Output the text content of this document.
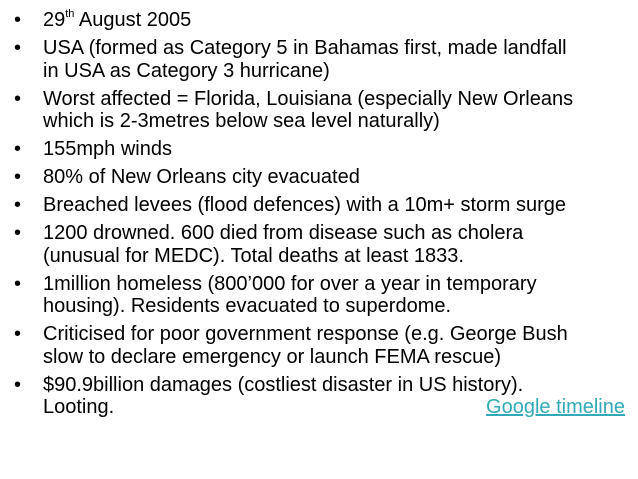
•	29th August 2005
•	USA (formed as Category 5 in Bahamas first, made landfall
in USA as Category 3 hurricane)
•	Worst affected = Florida, Louisiana (especially New Orleans
which is 2-3metres below sea level naturally)
•	155mph winds
•	80% of New Orleans city evacuated
•	Breached levees (flood defences) with a 10m+ storm surge
•	1200 drowned. 600 died from disease such as cholera
(unusual for MEDC). Total deaths at least 1833.
•	1million homeless (800’000 for over a year in temporary
housing). Residents evacuated to superdome.
•	Criticised for poor government response (e.g. George Bush
slow to declare emergency or launch FEMA rescue)
•	$90.9billion damages (costliest disaster in US history).
Looting.	Google timeline
